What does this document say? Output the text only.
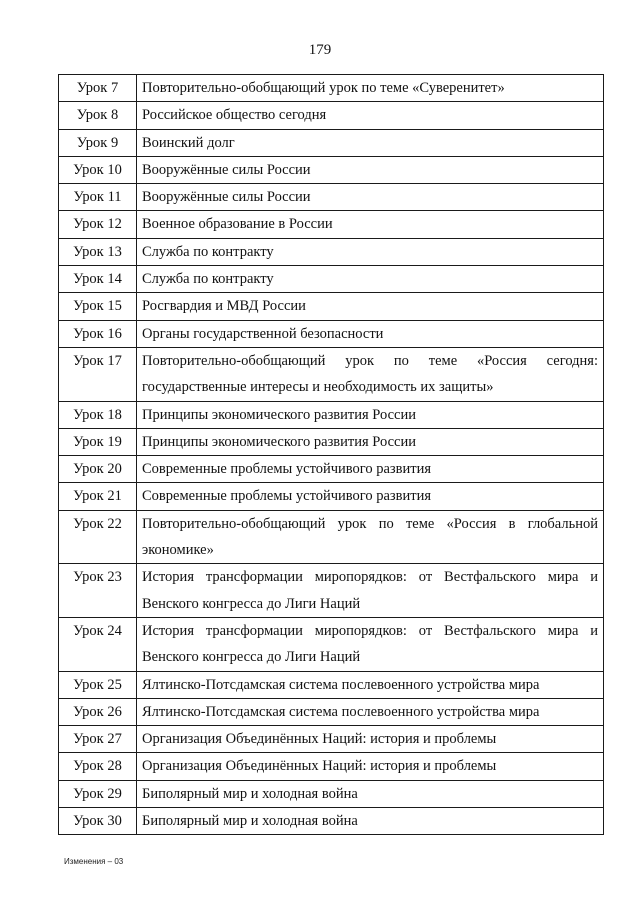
179
Урок 7	Повторительно-обобщающий урок по теме «Суверенитет»
Урок 8	Российское общество сегодня
Урок 9	Воинский долг
Урок 10	Вооружённые силы России
Урок 11	Вооружённые силы России
Урок 12	Военное образование в России
Урок 13	Служба по контракту
Урок 14	Служба по контракту
Урок 15	Росгвардия и МВД России
Урок 16	Органы государственной безопасности
Урок 17	Повторительно-обобщающий урок по теме «Россия сегодня: государственные интересы и необходимость их защиты»
Урок 18	Принципы экономического развития России
Урок 19	Принципы экономического развития России
Урок 20	Современные проблемы устойчивого развития
Урок 21	Современные проблемы устойчивого развития
Урок 22	Повторительно-обобщающий урок по теме «Россия в глобальной экономике»
Урок 23	История трансформации миропорядков: от Вестфальского мира и Венского конгресса до Лиги Наций
Урок 24	История трансформации миропорядков: от Вестфальского мира и Венского конгресса до Лиги Наций
Урок 25	Ялтинско-Потсдамская система послевоенного устройства мира
Урок 26	Ялтинско-Потсдамская система послевоенного устройства мира
Урок 27	Организация Объединённых Наций: история и проблемы
Урок 28	Организация Объединённых Наций: история и проблемы
Урок 29	Биполярный мир и холодная война
Урок 30	Биполярный мир и холодная война
Изменения – 03
